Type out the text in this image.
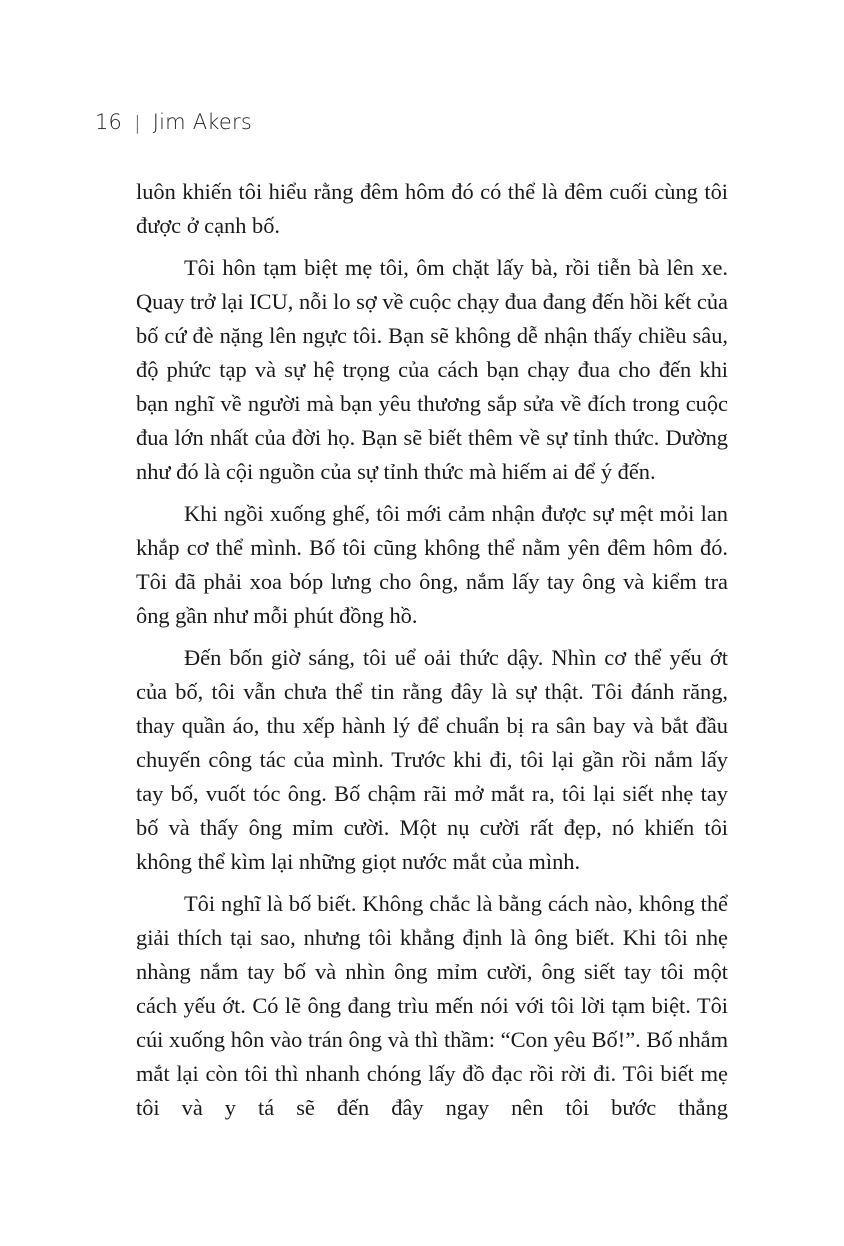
16 | Jim Akers

luôn khiến tôi hiểu rằng đêm hôm đó có thể là đêm cuối cùng tôi được ở cạnh bố.

Tôi hôn tạm biệt mẹ tôi, ôm chặt lấy bà, rồi tiễn bà lên xe. Quay trở lại ICU, nỗi lo sợ về cuộc chạy đua đang đến hồi kết của bố cứ đè nặng lên ngực tôi. Bạn sẽ không dễ nhận thấy chiều sâu, độ phức tạp và sự hệ trọng của cách bạn chạy đua cho đến khi bạn nghĩ về người mà bạn yêu thương sắp sửa về đích trong cuộc đua lớn nhất của đời họ. Bạn sẽ biết thêm về sự tỉnh thức. Dường như đó là cội nguồn của sự tỉnh thức mà hiếm ai để ý đến.

Khi ngồi xuống ghế, tôi mới cảm nhận được sự mệt mỏi lan khắp cơ thể mình. Bố tôi cũng không thể nằm yên đêm hôm đó. Tôi đã phải xoa bóp lưng cho ông, nắm lấy tay ông và kiểm tra ông gần như mỗi phút đồng hồ.

Đến bốn giờ sáng, tôi uể oải thức dậy. Nhìn cơ thể yếu ớt của bố, tôi vẫn chưa thể tin rằng đây là sự thật. Tôi đánh răng, thay quần áo, thu xếp hành lý để chuẩn bị ra sân bay và bắt đầu chuyến công tác của mình. Trước khi đi, tôi lại gần rồi nắm lấy tay bố, vuốt tóc ông. Bố chậm rãi mở mắt ra, tôi lại siết nhẹ tay bố và thấy ông mỉm cười. Một nụ cười rất đẹp, nó khiến tôi không thể kìm lại những giọt nước mắt của mình.

Tôi nghĩ là bố biết. Không chắc là bằng cách nào, không thể giải thích tại sao, nhưng tôi khẳng định là ông biết. Khi tôi nhẹ nhàng nắm tay bố và nhìn ông mỉm cười, ông siết tay tôi một cách yếu ớt. Có lẽ ông đang trìu mến nói với tôi lời tạm biệt. Tôi cúi xuống hôn vào trán ông và thì thầm: “Con yêu Bố!”. Bố nhắm mắt lại còn tôi thì nhanh chóng lấy đồ đạc rồi rời đi. Tôi biết mẹ tôi và y tá sẽ đến đây ngay nên tôi bước thẳng
